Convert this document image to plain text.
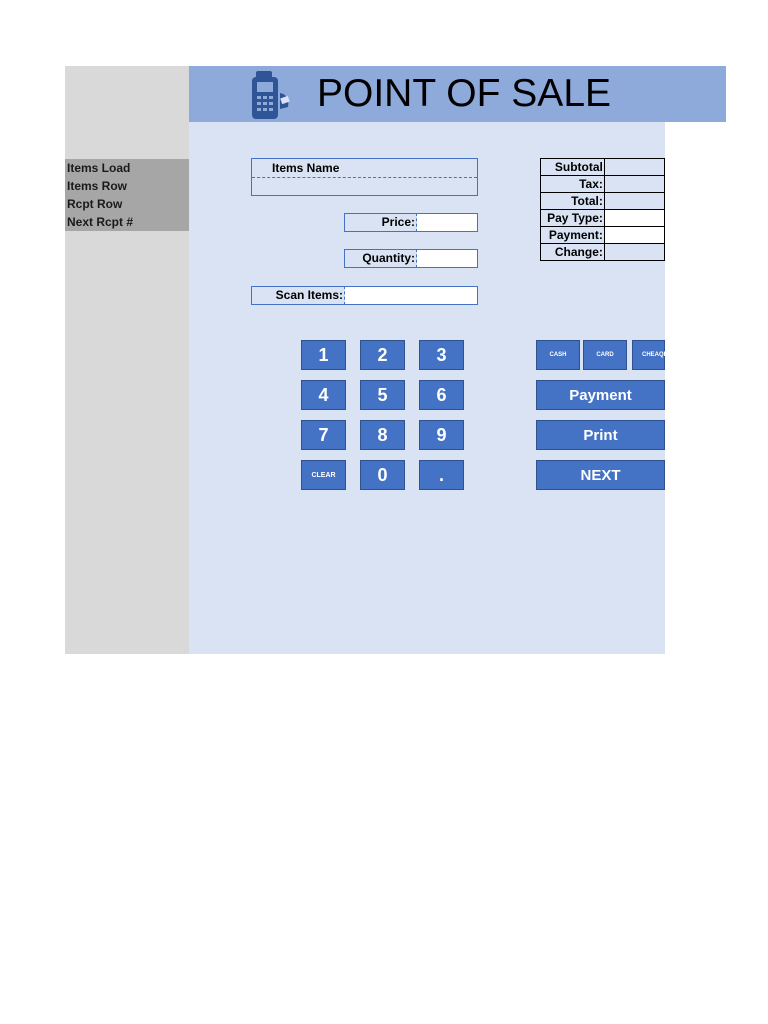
Items Load
Items Row
Rcpt Row
Next Rcpt #
POINT OF SALE
Items Name
Price:
Quantity:
Scan Items:
Subtotal	
Tax:	
Total:	
Pay Type:	
Payment:	
Change:	
1	2	3
4	5	6
7	8	9
CLEAR	0	.
CASH	CARD	CHEAQE
Payment
Print
NEXT
